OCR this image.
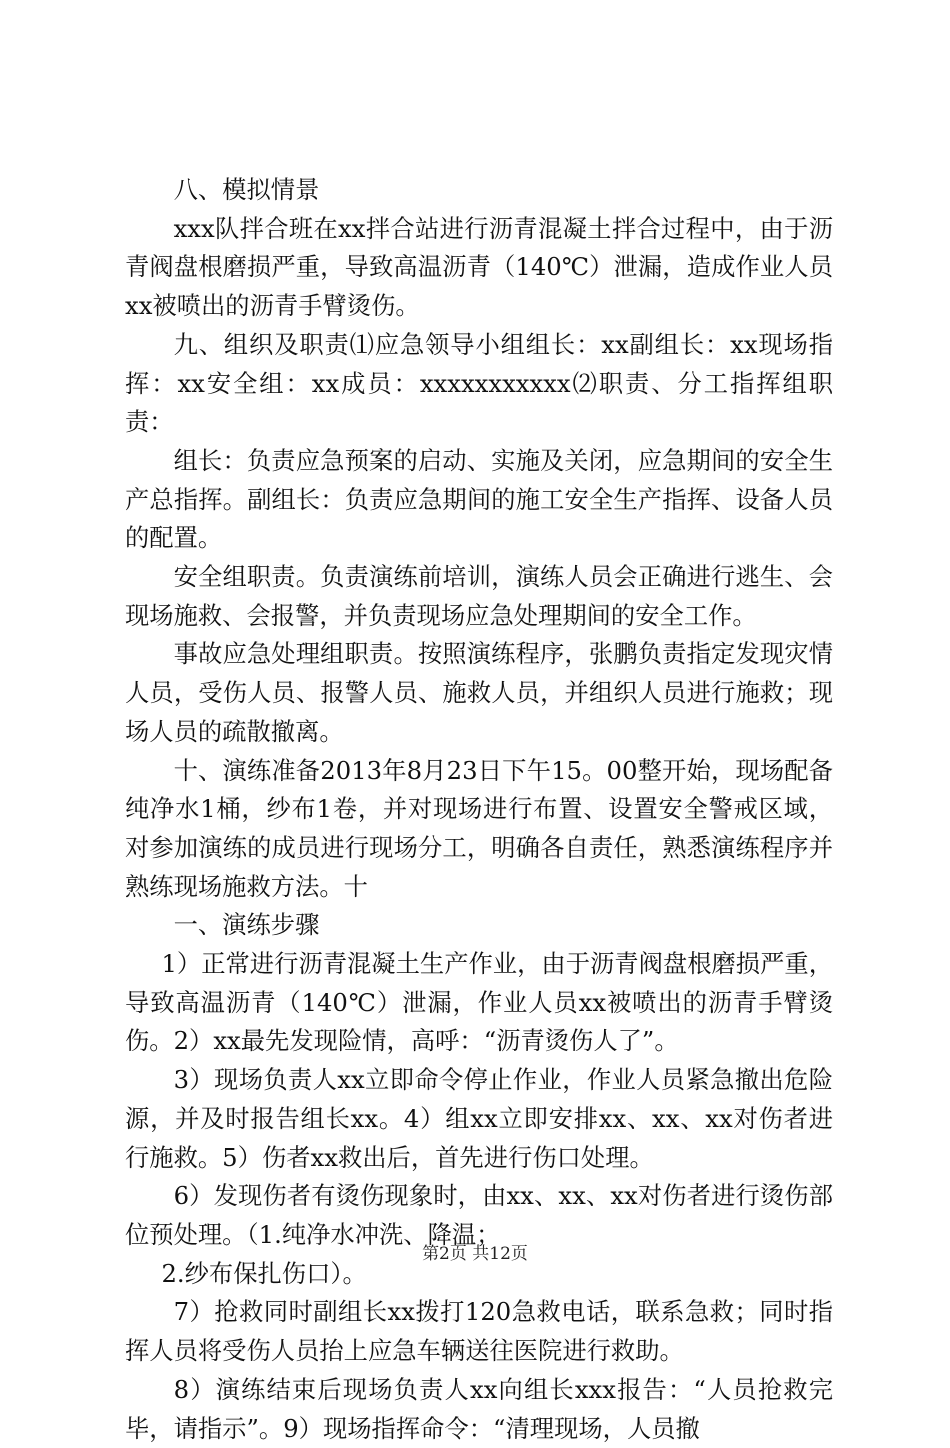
八、模拟情景

xxx队拌合班在xx拌合站进行沥青混凝土拌合过程中，由于沥青阀盘根磨损严重，导致高温沥青（140℃）泄漏，造成作业人员xx被喷出的沥青手臂烫伤。

九、组织及职责⑴应急领导小组组长：xx副组长：xx现场指挥：xx安全组：xx成员：xxxxxxxxxxx⑵职责、分工指挥组职责：

组长：负责应急预案的启动、实施及关闭，应急期间的安全生产总指挥。副组长：负责应急期间的施工安全生产指挥、设备人员的配置。

安全组职责。负责演练前培训，演练人员会正确进行逃生、会现场施救、会报警，并负责现场应急处理期间的安全工作。

事故应急处理组职责。按照演练程序，张鹏负责指定发现灾情人员，受伤人员、报警人员、施救人员，并组织人员进行施救；现场人员的疏散撤离。

十、演练准备2013年8月23日下午15。00整开始，现场配备纯净水1桶，纱布1卷，并对现场进行布置、设置安全警戒区域，对参加演练的成员进行现场分工，明确各自责任，熟悉演练程序并熟练现场施救方法。十

一、演练步骤

1）正常进行沥青混凝土生产作业，由于沥青阀盘根磨损严重，导致高温沥青（140℃）泄漏，作业人员xx被喷出的沥青手臂烫伤。2）xx最先发现险情，高呼：“沥青烫伤人了”。

3）现场负责人xx立即命令停止作业，作业人员紧急撤出危险源，并及时报告组长xx。4）组xx立即安排xx、xx、xx对伤者进行施救。5）伤者xx救出后，首先进行伤口处理。

6）发现伤者有烫伤现象时，由xx、xx、xx对伤者进行烫伤部位预处理。（1.纯净水冲洗、降温；

2.纱布保扎伤口）。

7）抢救同时副组长xx拨打120急救电话，联系急救；同时指挥人员将受伤人员抬上应急车辆送往医院进行救助。

8）演练结束后现场负责人xx向组长xxx报告：“人员抢救完毕，请指示”。9）现场指挥命令：“清理现场，人员撤

第2页 共12页
